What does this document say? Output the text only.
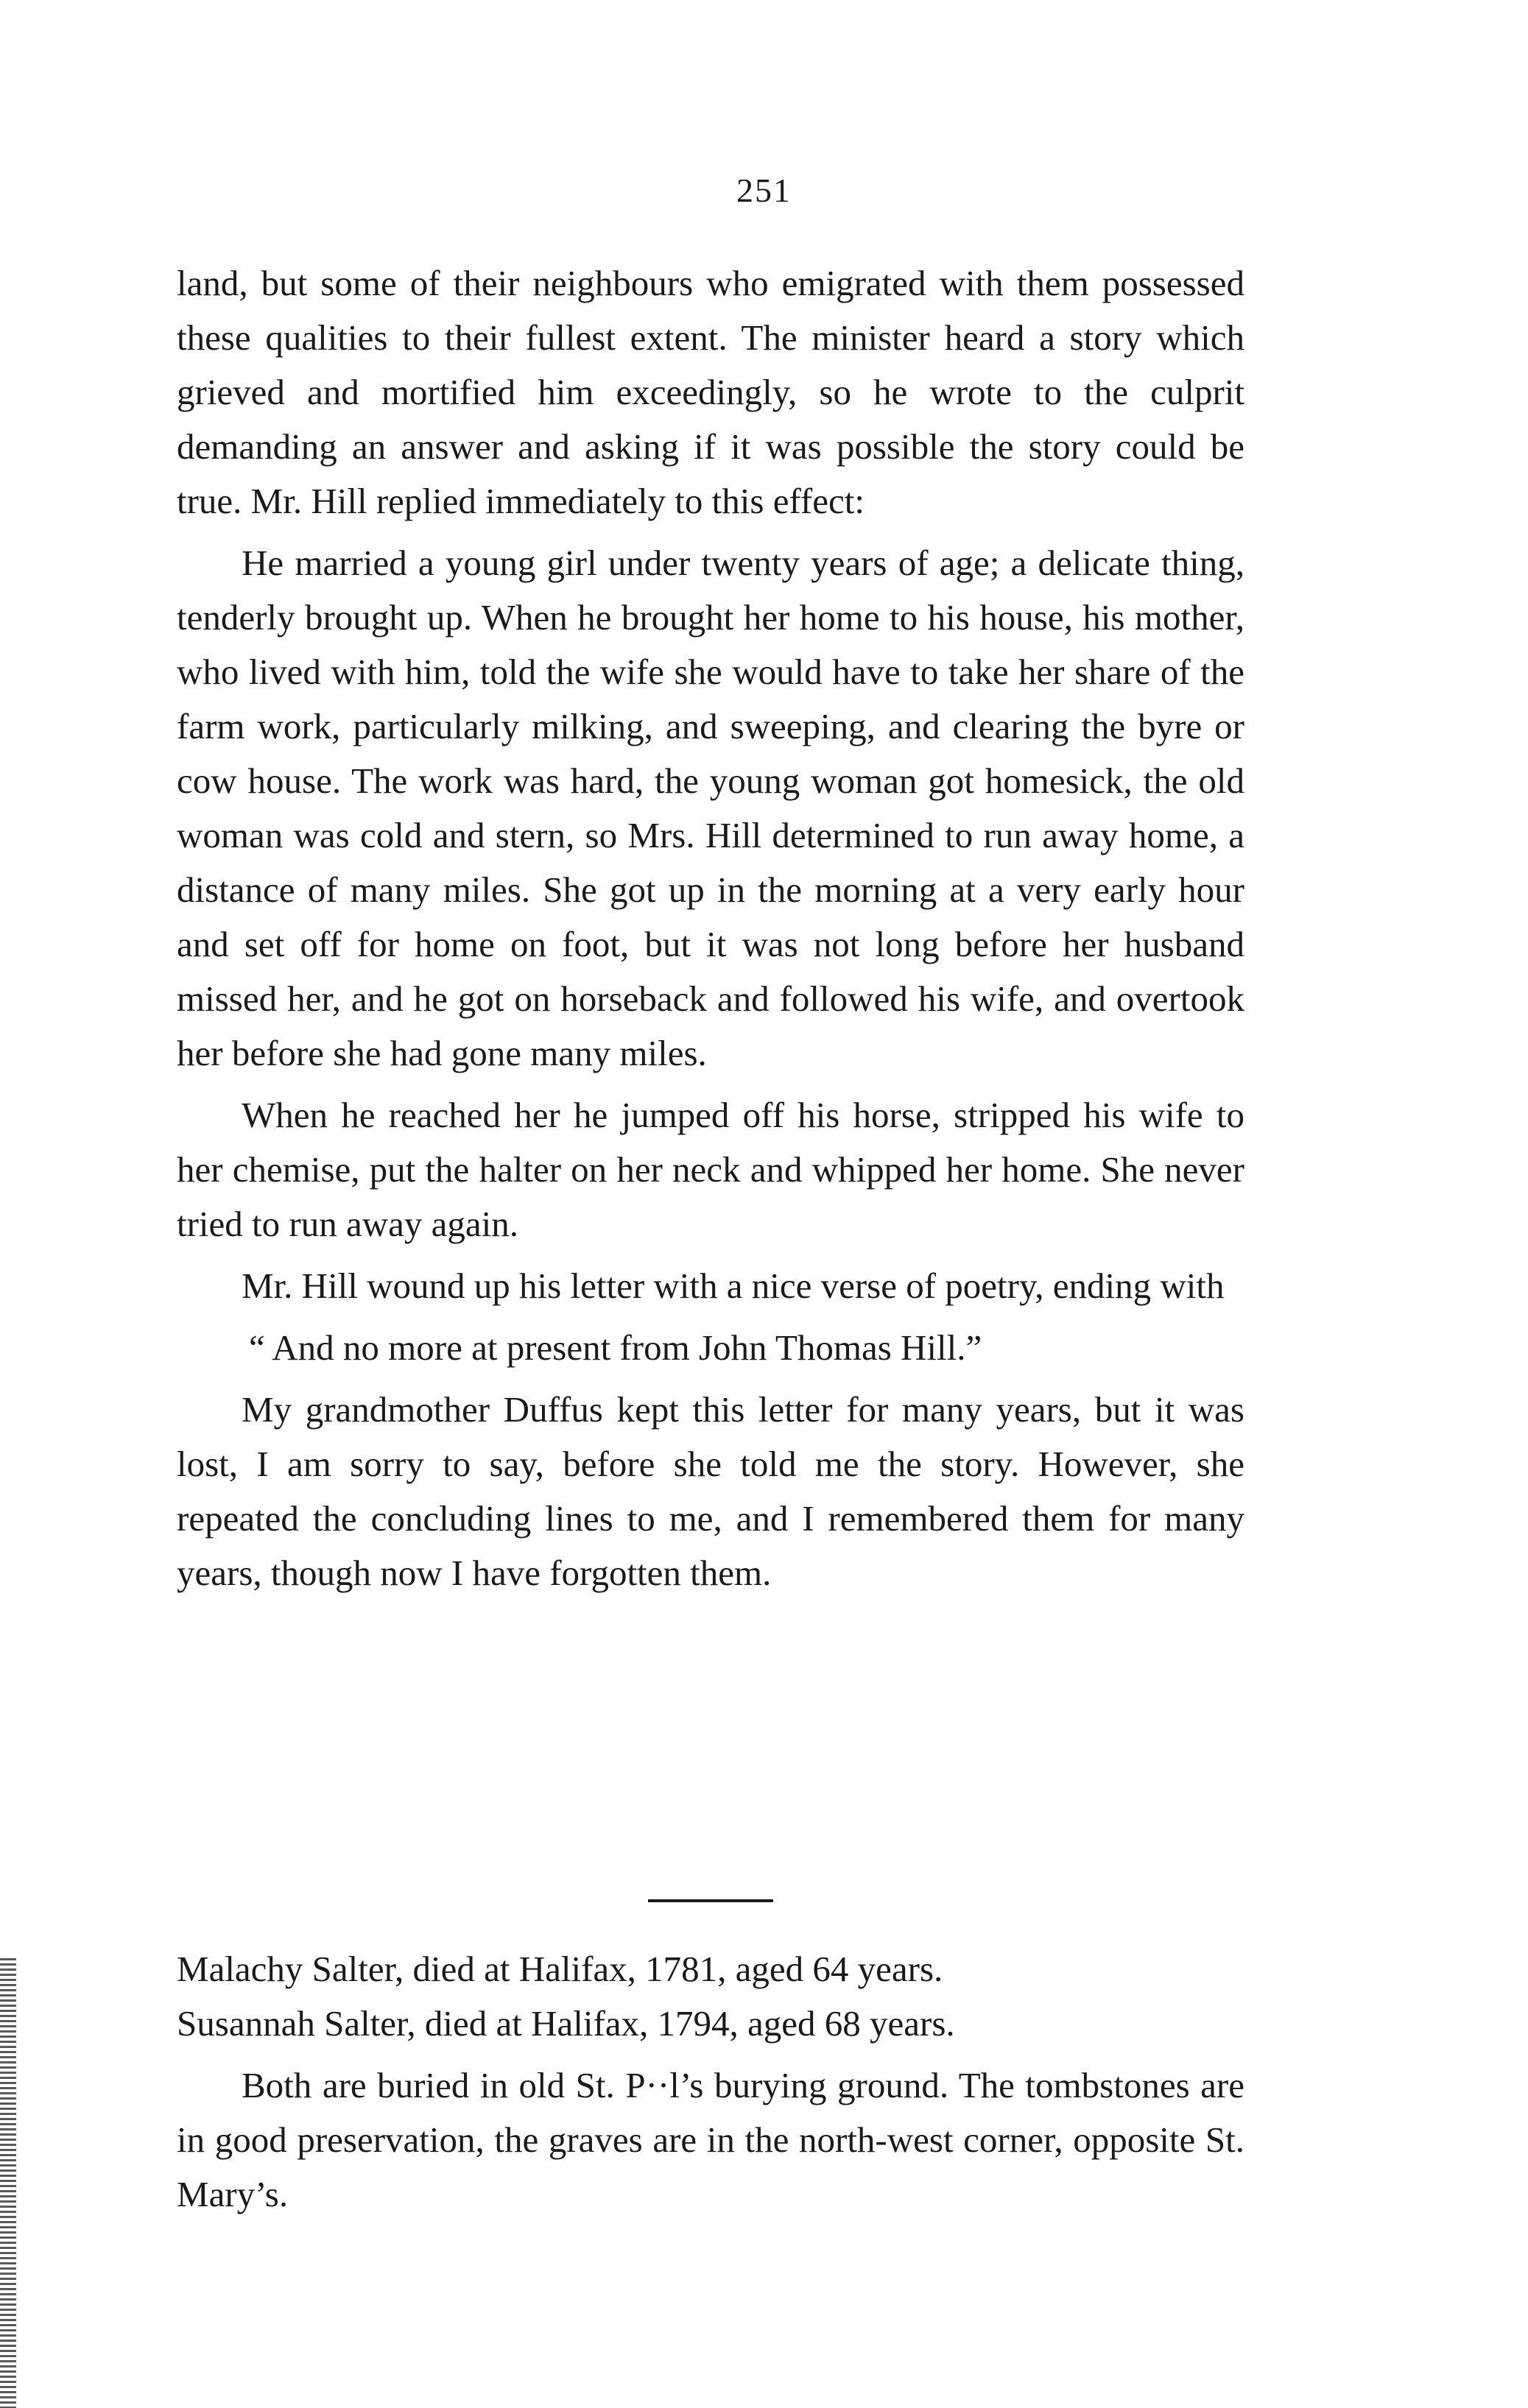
251

land, but some of their neighbours who emigrated with them possessed these qualities to their fullest extent. The minister heard a story which grieved and mortified him exceedingly, so he wrote to the culprit demanding an answer and asking if it was possible the story could be true. Mr. Hill replied immediately to this effect:

He married a young girl under twenty years of age; a delicate thing, tenderly brought up. When he brought her home to his house, his mother, who lived with him, told the wife she would have to take her share of the farm work, particularly milking, and sweeping, and clearing the byre or cow house. The work was hard, the young woman got homesick, the old woman was cold and stern, so Mrs. Hill determined to run away home, a distance of many miles. She got up in the morning at a very early hour and set off for home on foot, but it was not long before her husband missed her, and he got on horseback and followed his wife, and overtook her before she had gone many miles.

When he reached her he jumped off his horse, stripped his wife to her chemise, put the halter on her neck and whipped her home. She never tried to run away again.

Mr. Hill wound up his letter with a nice verse of poetry, ending with

“ And no more at present from John Thomas Hill.”

My grandmother Duffus kept this letter for many years, but it was lost, I am sorry to say, before she told me the story. However, she repeated the concluding lines to me, and I remembered them for many years, though now I have forgotten them.

Malachy Salter, died at Halifax, 1781, aged 64 years.

Susannah Salter, died at Halifax, 1794, aged 68 years.

Both are buried in old St. P··l’s burying ground. The tombstones are in good preservation, the graves are in the north-west corner, opposite St. Mary’s.
